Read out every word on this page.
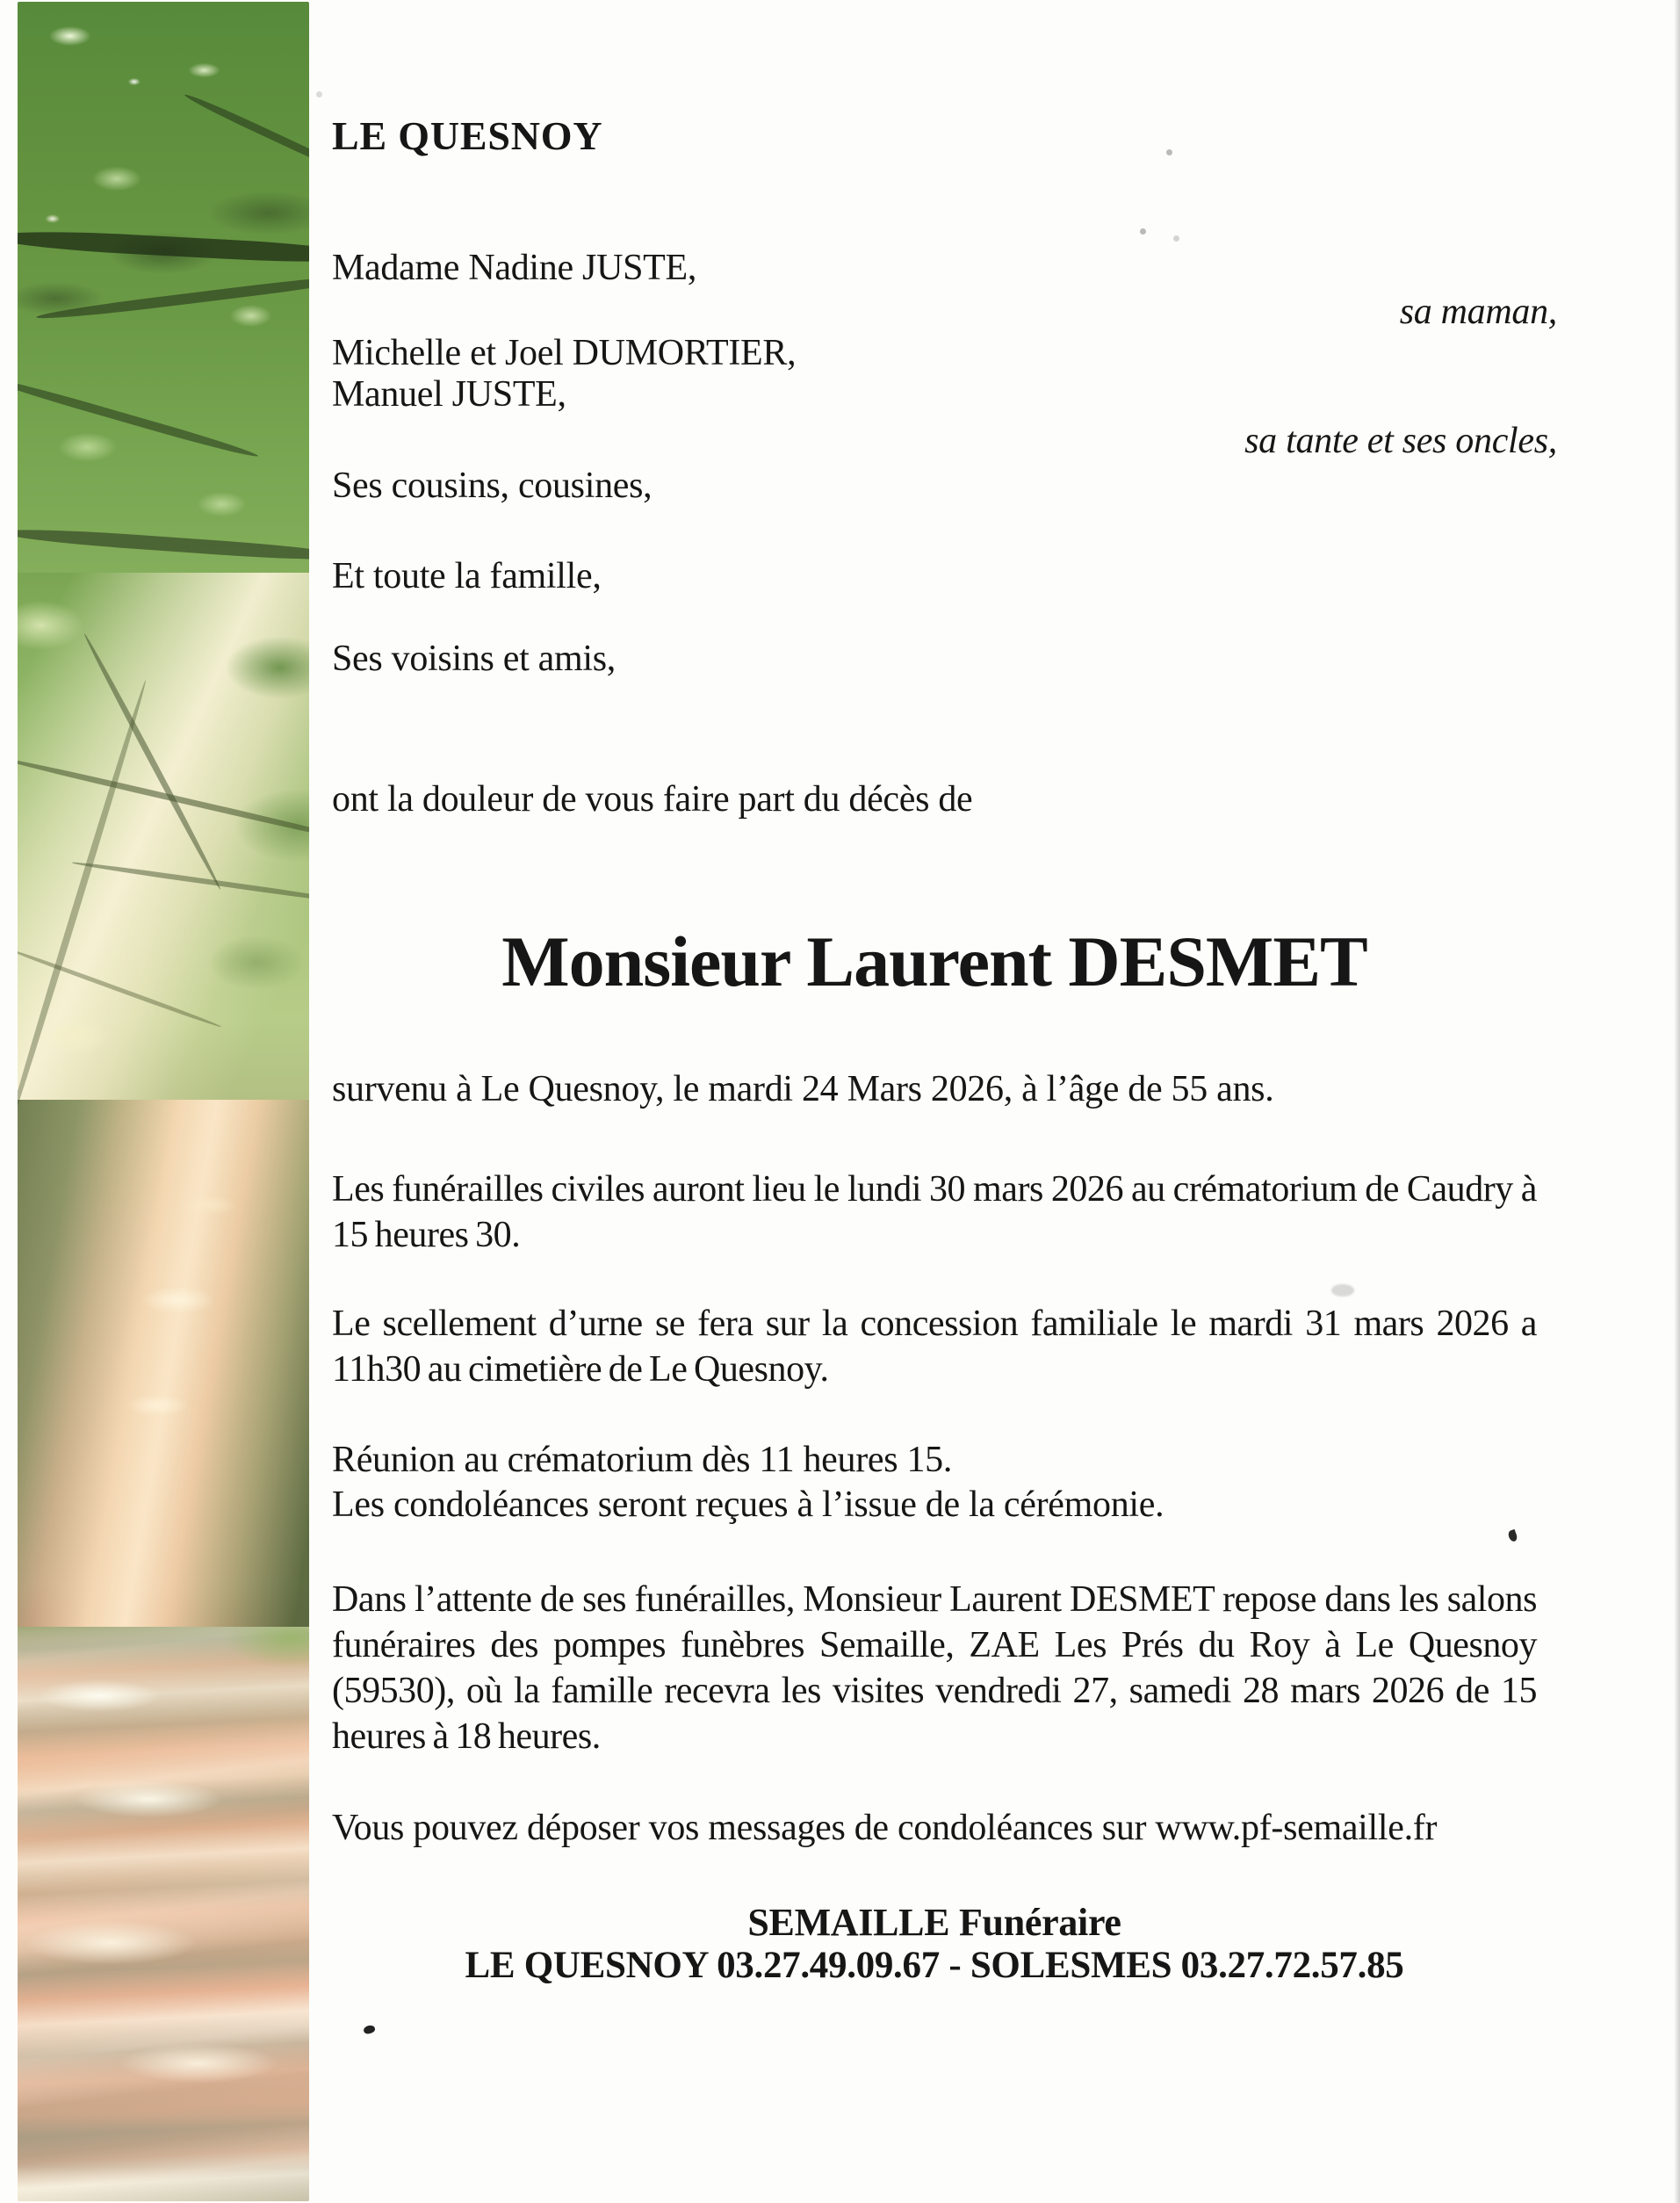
LE QUESNOY
Madame Nadine JUSTE,
sa maman,
Michelle et Joel DUMORTIER,
Manuel JUSTE,
sa tante et ses oncles,
Ses cousins, cousines,
Et toute la famille,
Ses voisins et amis,
ont la douleur de vous faire part du décès de
Monsieur Laurent DESMET
survenu à Le Quesnoy, le mardi 24 Mars 2026, à l’âge de 55 ans.
Les funérailles civiles auront lieu le lundi 30 mars 2026 au crématorium de Caudry à 15 heures 30.
Le scellement d’urne se fera sur la concession familiale le mardi 31 mars 2026 a 11h30 au cimetière de Le Quesnoy.
Réunion au crématorium dès 11 heures 15.
Les condoléances seront reçues à l’issue de la cérémonie.
Dans l’attente de ses funérailles, Monsieur Laurent DESMET repose dans les salons funéraires des pompes funèbres Semaille, ZAE Les Prés du Roy à Le Quesnoy (59530), où la famille recevra les visites vendredi 27, samedi 28 mars 2026 de 15 heures à 18 heures.
Vous pouvez déposer vos messages de condoléances sur www.pf-semaille.fr
SEMAILLE Funéraire
LE QUESNOY 03.27.49.09.67 - SOLESMES 03.27.72.57.85
